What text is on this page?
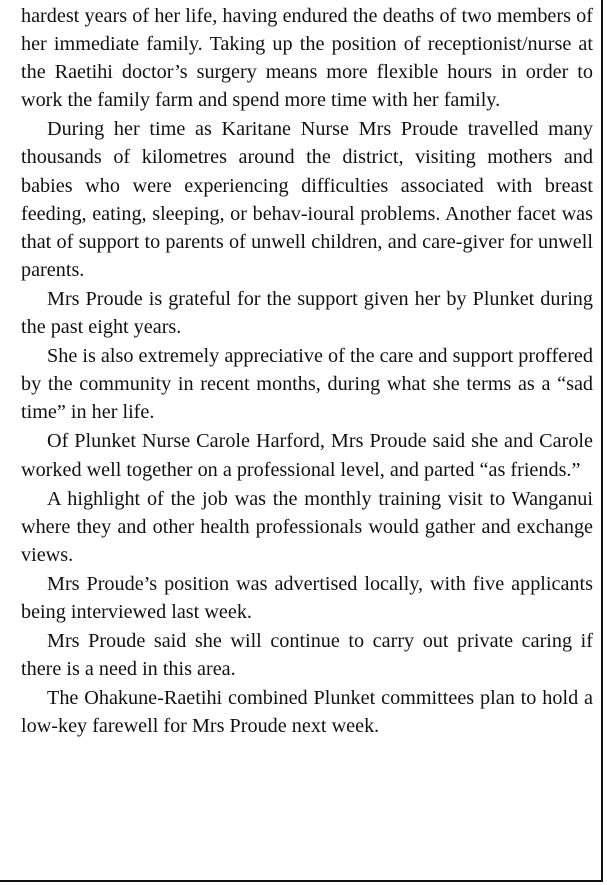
hardest years of her life, having endured the deaths of two members of her immediate family. Taking up the position of receptionist/nurse at the Raetihi doctor’s surgery means more flexible hours in order to work the family farm and spend more time with her family.

During her time as Karitane Nurse Mrs Proude travelled many thousands of kilometres around the district, visiting mothers and babies who were experiencing difficulties associated with breast feeding, eating, sleeping, or behav-ioural problems. Another facet was that of support to parents of unwell children, and care-giver for unwell parents.

Mrs Proude is grateful for the support given her by Plunket during the past eight years.

She is also extremely appreciative of the care and support proffered by the community in recent months, during what she terms as a “sad time” in her life.

Of Plunket Nurse Carole Harford, Mrs Proude said she and Carole worked well together on a professional level, and parted “as friends.”

A highlight of the job was the monthly training visit to Wanganui where they and other health professionals would gather and exchange views.

Mrs Proude’s position was advertised locally, with five applicants being interviewed last week.

Mrs Proude said she will continue to carry out private caring if there is a need in this area.

The Ohakune-Raetihi combined Plunket committees plan to hold a low-key farewell for Mrs Proude next week.
